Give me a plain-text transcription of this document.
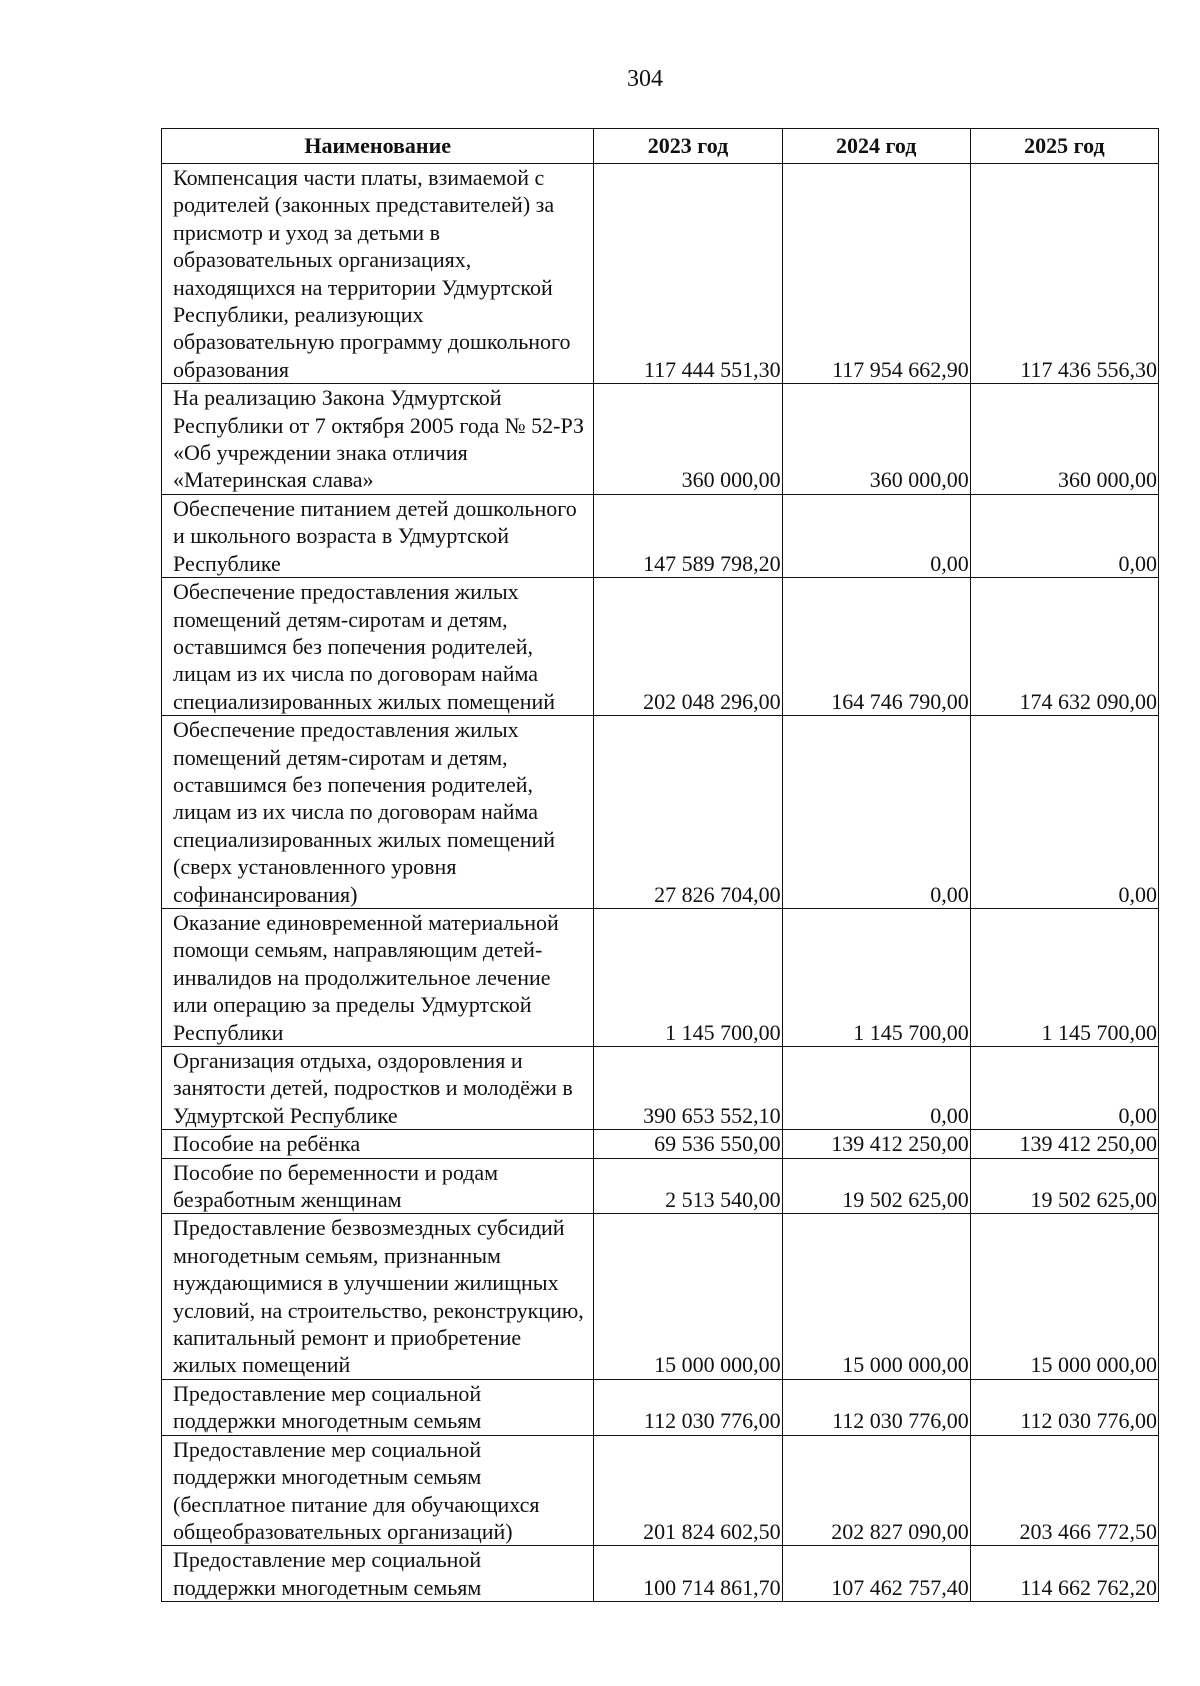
304
Наименование	2023 год	2024 год	2025 год
Компенсация части платы, взимаемой с родителей (законных представителей) за присмотр и уход за детьми в образовательных организациях, находящихся на территории Удмуртской Республики, реализующих образовательную программу дошкольного образования	117 444 551,30	117 954 662,90	117 436 556,30
На реализацию Закона Удмуртской Республики от 7 октября 2005 года № 52-РЗ «Об учреждении знака отличия «Материнская слава»	360 000,00	360 000,00	360 000,00
Обеспечение питанием детей дошкольного и школьного возраста в Удмуртской Республике	147 589 798,20	0,00	0,00
Обеспечение предоставления жилых помещений детям-сиротам и детям, оставшимся без попечения родителей, лицам из их числа по договорам найма специализированных жилых помещений	202 048 296,00	164 746 790,00	174 632 090,00
Обеспечение предоставления жилых помещений детям-сиротам и детям, оставшимся без попечения родителей, лицам из их числа по договорам найма специализированных жилых помещений (сверх установленного уровня софинансирования)	27 826 704,00	0,00	0,00
Оказание единовременной материальной помощи семьям, направляющим детей-инвалидов на продолжительное лечение или операцию за пределы Удмуртской Республики	1 145 700,00	1 145 700,00	1 145 700,00
Организация отдыха, оздоровления и занятости детей, подростков и молодёжи в Удмуртской Республике	390 653 552,10	0,00	0,00
Пособие на ребёнка	69 536 550,00	139 412 250,00	139 412 250,00
Пособие по беременности и родам безработным женщинам	2 513 540,00	19 502 625,00	19 502 625,00
Предоставление безвозмездных субсидий многодетным семьям, признанным нуждающимися в улучшении жилищных условий, на строительство, реконструкцию, капитальный ремонт и приобретение жилых помещений	15 000 000,00	15 000 000,00	15 000 000,00
Предоставление мер социальной поддержки многодетным семьям	112 030 776,00	112 030 776,00	112 030 776,00
Предоставление мер социальной поддержки многодетным семьям (бесплатное питание для обучающихся общеобразовательных организаций)	201 824 602,50	202 827 090,00	203 466 772,50
Предоставление мер социальной поддержки многодетным семьям	100 714 861,70	107 462 757,40	114 662 762,20
